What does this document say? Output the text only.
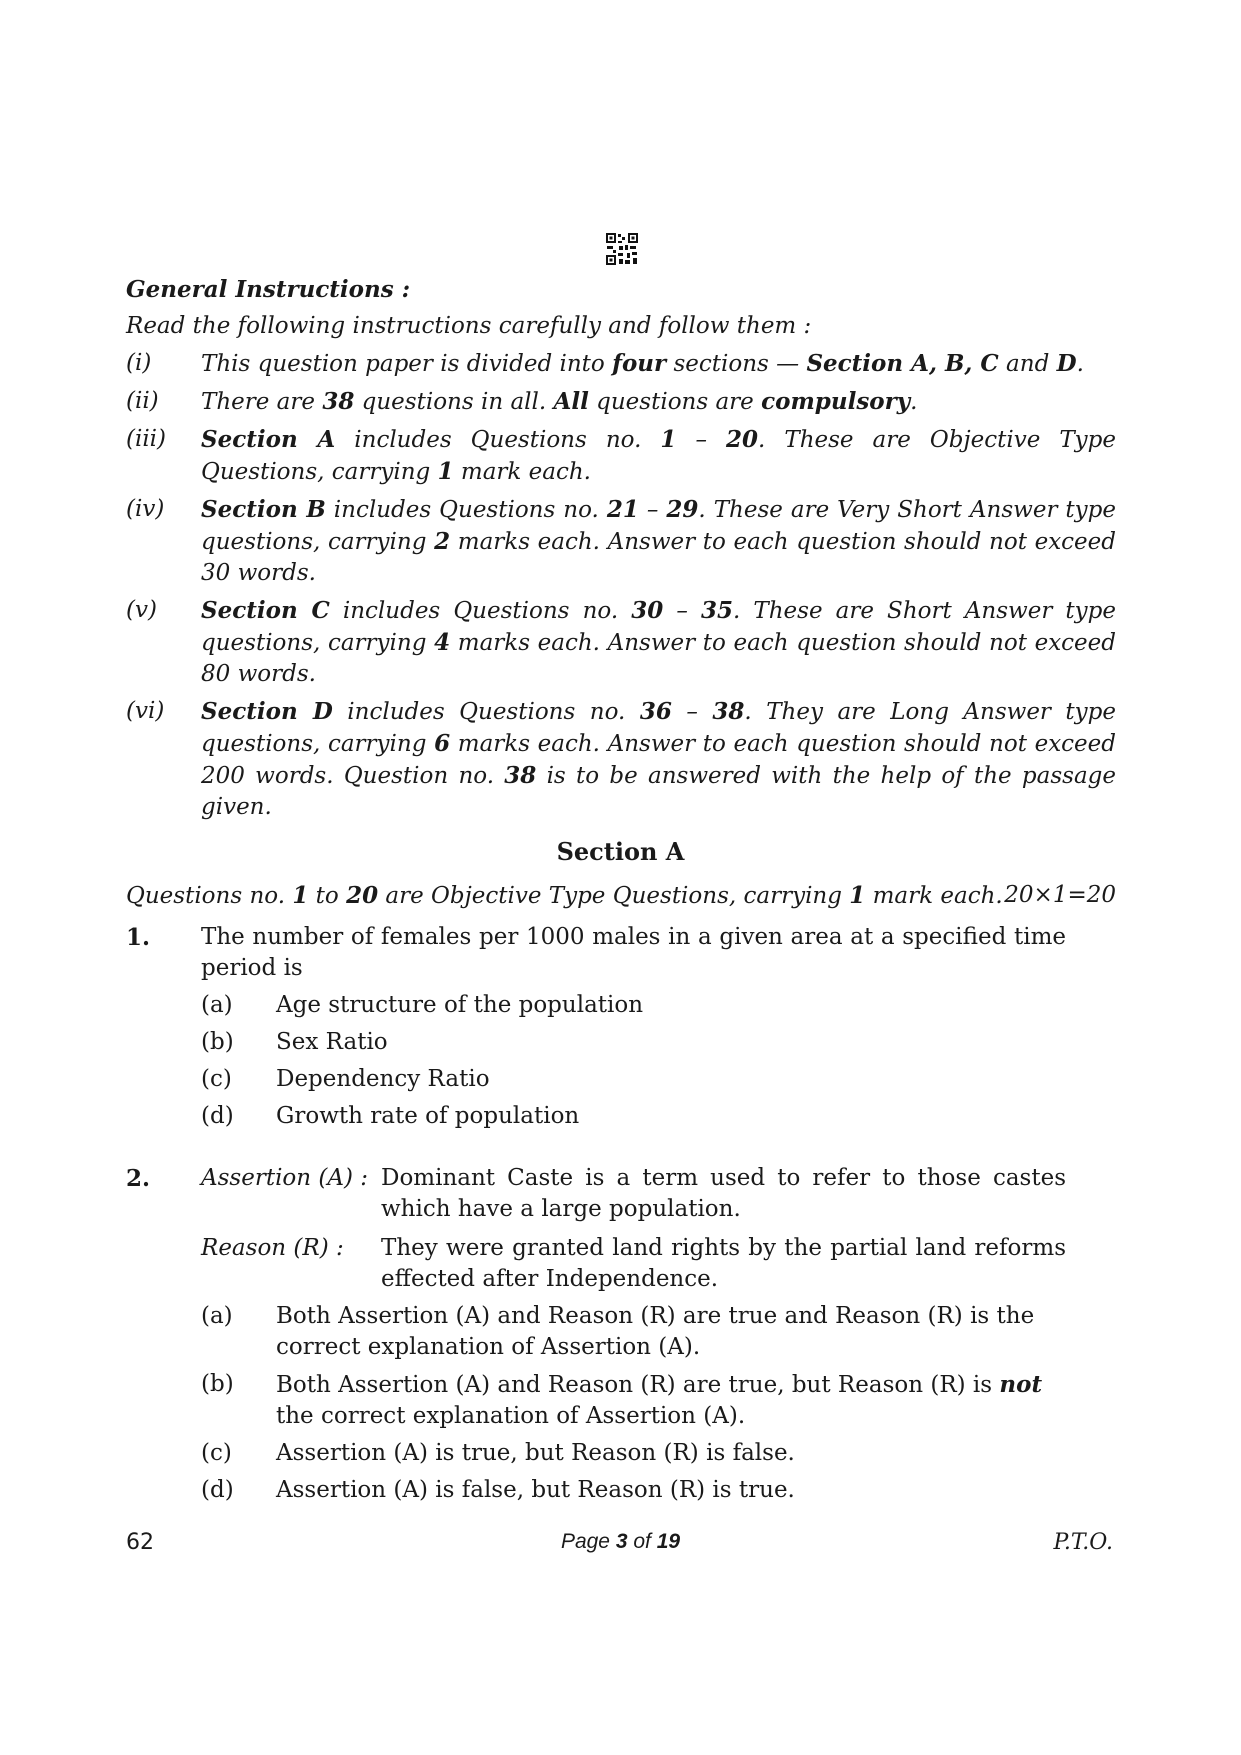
General Instructions :
Read the following instructions carefully and follow them :
(i)	This question paper is divided into four sections — Section A, B, C and D.
(ii)	There are 38 questions in all. All questions are compulsory.
(iii)	Section A includes Questions no. 1 – 20. These are Objective Type Questions, carrying 1 mark each.
(iv)	Section B includes Questions no. 21 – 29. These are Very Short Answer type questions, carrying 2 marks each. Answer to each question should not exceed 30 words.
(v)	Section C includes Questions no. 30 – 35. These are Short Answer type questions, carrying 4 marks each. Answer to each question should not exceed 80 words.
(vi)	Section D includes Questions no. 36 – 38. They are Long Answer type questions, carrying 6 marks each. Answer to each question should not exceed 200 words. Question no. 38 is to be answered with the help of the passage given.
Section A
Questions no. 1 to 20 are Objective Type Questions, carrying 1 mark each. 20×1=20
1. The number of females per 1000 males in a given area at a specified time period is
(a)	Age structure of the population
(b)	Sex Ratio
(c)	Dependency Ratio
(d)	Growth rate of population
2. Assertion (A) : Dominant Caste is a term used to refer to those castes which have a large population.
Reason (R) :	They were granted land rights by the partial land reforms effected after Independence.
(a)	Both Assertion (A) and Reason (R) are true and Reason (R) is the correct explanation of Assertion (A).
(b)	Both Assertion (A) and Reason (R) are true, but Reason (R) is not the correct explanation of Assertion (A).
(c)	Assertion (A) is true, but Reason (R) is false.
(d)	Assertion (A) is false, but Reason (R) is true.
62	Page 3 of 19	P.T.O.
